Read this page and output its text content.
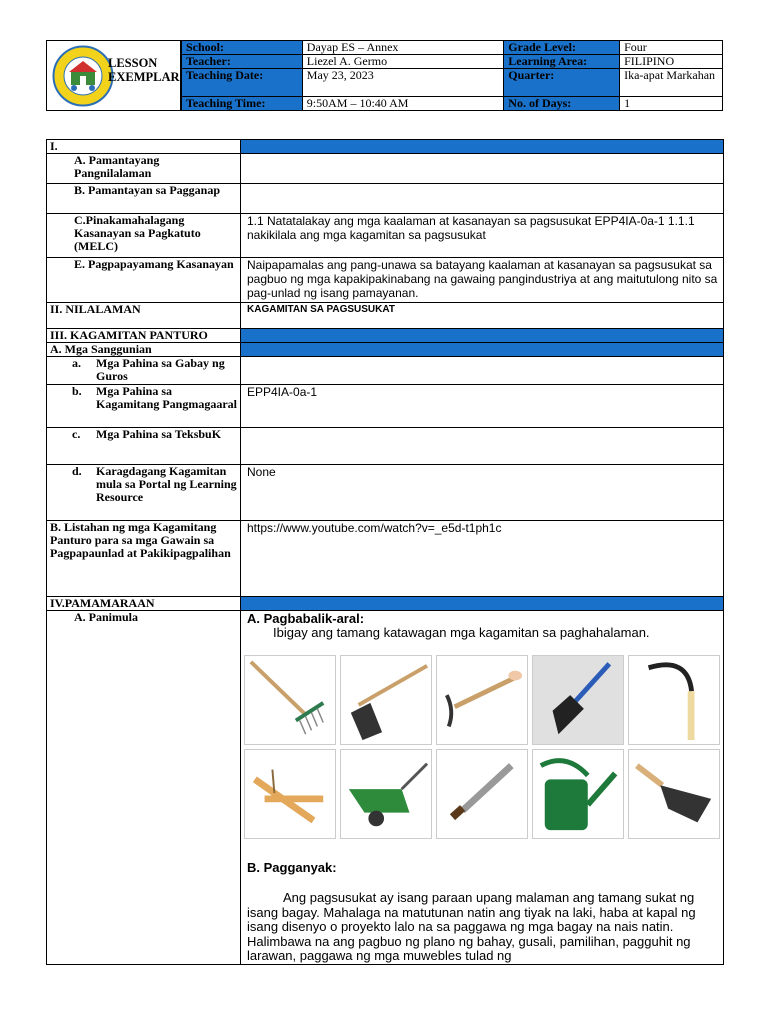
LESSON EXEMPLAR
School:	Dayap ES – Annex	Grade Level:	Four
Teacher:	Liezel A. Germo	Learning Area:	FILIPINO
Teaching Date:	May 23, 2023	Quarter:	Ika-apat Markahan
Teaching Time:	9:50AM – 10:40 AM	No. of Days:	1
I.	
A. Pamantayang Pangnilalaman	
B. Pamantayan sa Pagganap	
C.Pinakamahalagang Kasanayan sa Pagkatuto (MELC)	1.1 Natatalakay ang mga kaalaman at kasanayan sa pagsusukat EPP4IA-0a-1 1.1.1 nakikilala ang mga kagamitan sa pagsusukat
E. Pagpapayamang Kasanayan	Naipapamalas ang pang-unawa sa batayang kaalaman at kasanayan sa pagsusukat sa pagbuo ng mga kapakipakinabang na gawaing pangindustriya at ang maitutulong nito sa pag-unlad ng isang pamayanan.
II. NILALAMAN	KAGAMITAN SA PAGSUSUKAT
III. KAGAMITAN PANTURO	
A. Mga Sanggunian	

a. Mga Pahina sa Gabay ng Guros	

b. Mga Pahina sa Kagamitang Pangmagaaral	EPP4IA-0a-1

c. Mga Pahina sa TeksbuK	

d. Karagdagang Kagamitan mula sa Portal ng Learning Resource	None
B. Listahan ng mga Kagamitang Panturo para sa mga Gawain sa Pagpapaunlad at Pakikipagpalihan	https://www.youtube.com/watch?v=_e5d-t1ph1c
IV.PAMAMARAAN	
A. Panimula	A. Pagbabalik-aral:
Ibigay ang tamang katawagan mga kagamitan sa paghahalaman.
B. Pagganyak:
Ang pagsusukat ay isang paraan upang malaman ang tamang sukat ng isang bagay. Mahalaga na matutunan natin ang tiyak na laki, haba at kapal ng isang disenyo o proyekto lalo na sa paggawa ng mga bagay na nais natin. Halimbawa na ang pagbuo ng plano ng bahay, gusali, pamilihan, pagguhit ng larawan, paggawa ng mga muwebles tulad ng
